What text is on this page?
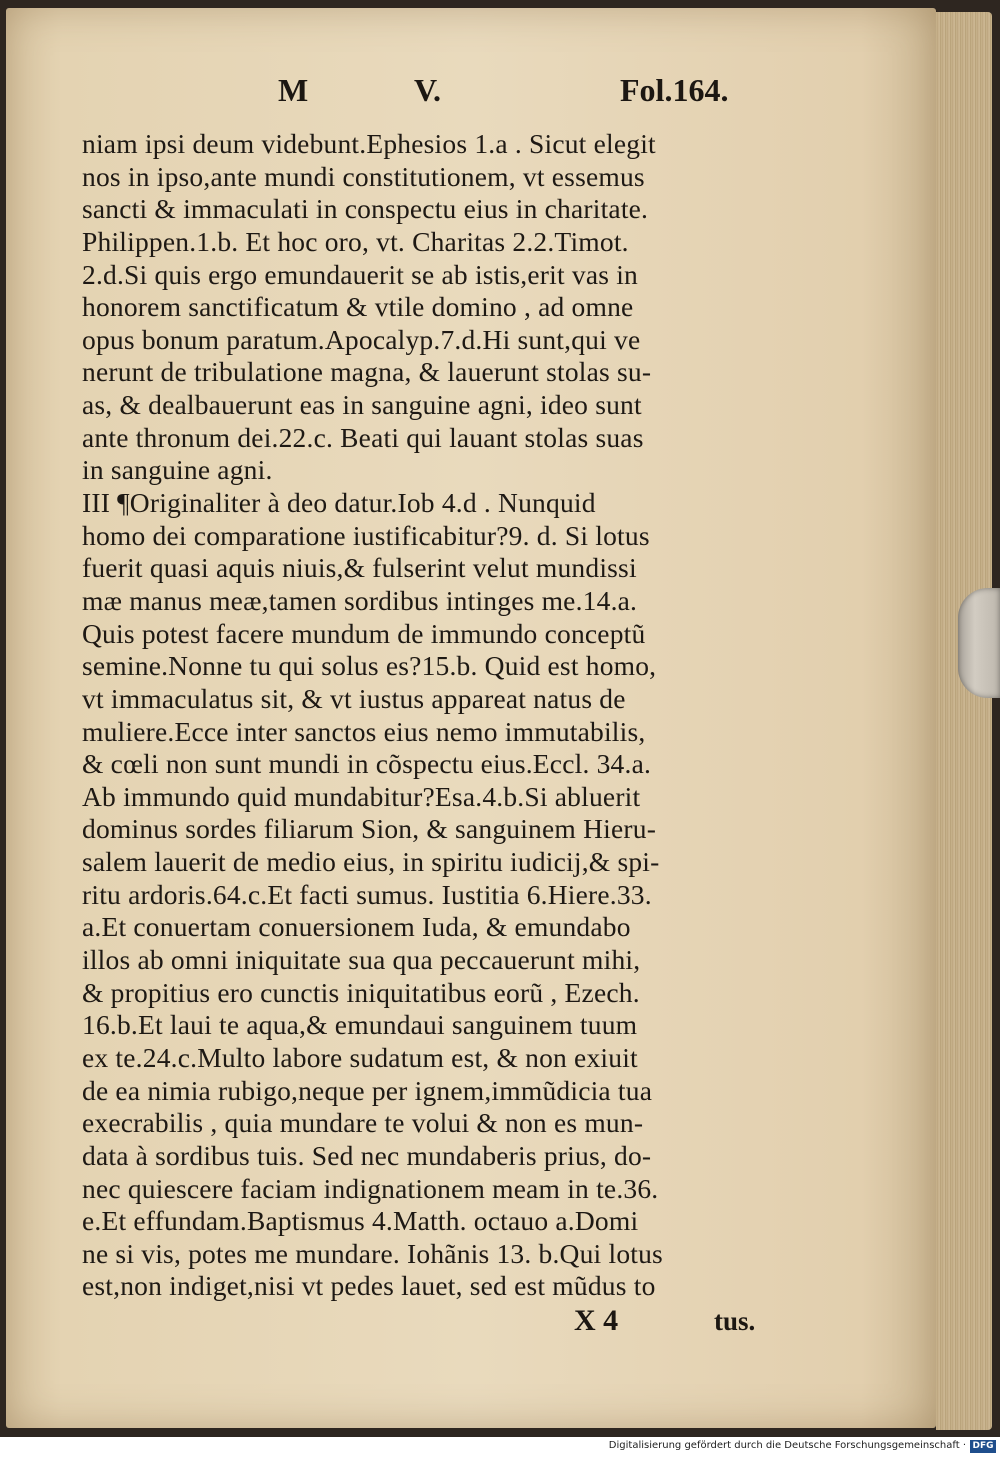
M	V.	Fol.164.
niam ipsi deum videbunt.Ephesios 1.a . Sicut elegit
nos in ipso,ante mundi constitutionem, vt essemus
sancti & immaculati in conspectu eius in charitate.
Philippen.1.b. Et hoc oro, vt. Charitas 2.2.Timot.
2.d.Si quis ergo emundauerit se ab istis,erit vas in
honorem sanctificatum & vtile domino , ad omne
opus bonum paratum.Apocalyp.7.d.Hi sunt,qui ve
nerunt de tribulatione magna, & lauerunt stolas su-
as, & dealbauerunt eas in sanguine agni, ideo sunt
ante thronum dei.22.c. Beati qui lauant stolas suas
in sanguine agni.
III ¶Originaliter à deo datur.Iob 4.d . Nunquid
homo dei comparatione iustificabitur?9. d. Si lotus
fuerit quasi aquis niuis,& fulserint velut mundissi
mæ manus meæ,tamen sordibus intinges me.14.a.
Quis potest facere mundum de immundo conceptũ
semine.Nonne tu qui solus es?15.b. Quid est homo,
vt immaculatus sit, & vt iustus appareat natus de
muliere.Ecce inter sanctos eius nemo immutabilis,
& cœli non sunt mundi in cõspectu eius.Eccl. 34.a.
Ab immundo quid mundabitur?Esa.4.b.Si abluerit
dominus sordes filiarum Sion, & sanguinem Hieru-
salem lauerit de medio eius, in spiritu iudicij,& spi-
ritu ardoris.64.c.Et facti sumus. Iustitia 6.Hiere.33.
a.Et conuertam conuersionem Iuda, & emundabo
illos ab omni iniquitate sua qua peccauerunt mihi,
& propitius ero cunctis iniquitatibus eorũ , Ezech.
16.b.Et laui te aqua,& emundaui sanguinem tuum
ex te.24.c.Multo labore sudatum est, & non exiuit
de ea nimia rubigo,neque per ignem,immũdicia tua
execrabilis , quia mundare te volui & non es mun-
data à sordibus tuis. Sed nec mundaberis prius, do-
nec quiescere faciam indignationem meam in te.36.
e.Et effundam.Baptismus 4.Matth. octauo a.Domi
ne si vis, potes me mundare. Iohãnis 13. b.Qui lotus
est,non indiget,nisi vt pedes lauet, sed est mũdus to
X 4	tus.
Digitalisierung gefördert durch die Deutsche Forschungsgemeinschaft · DFG
